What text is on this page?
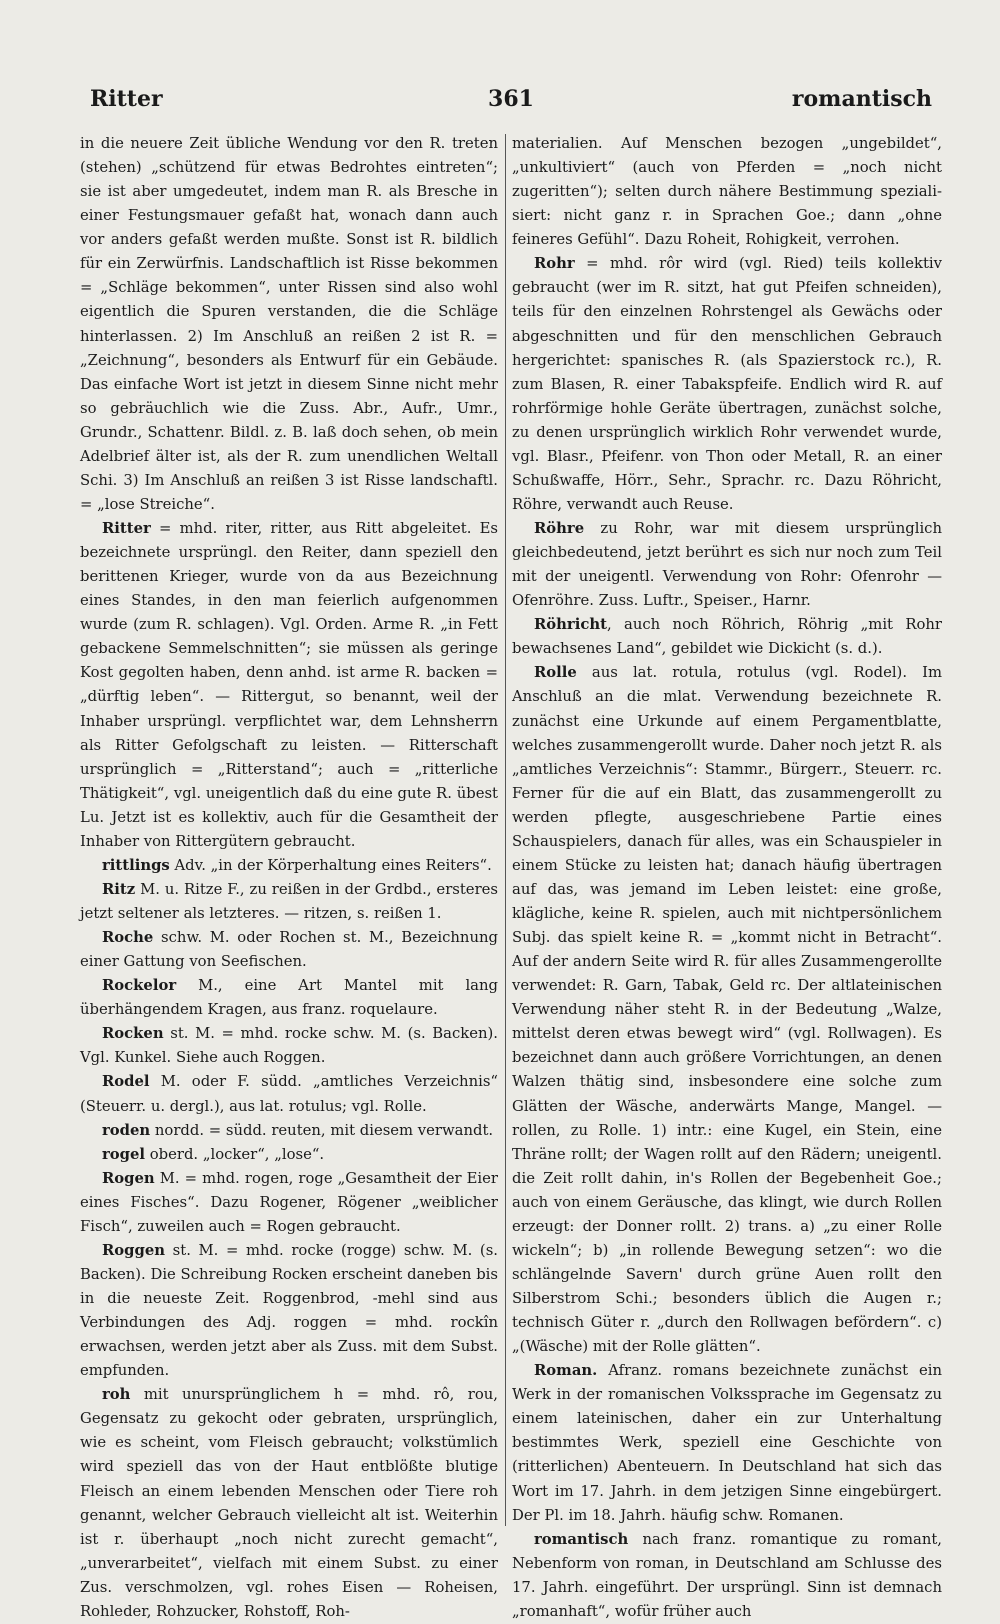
Ritter	361	romantisch

in die neuere Zeit übliche Wendung vor den R. treten (stehen) „schützend für etwas Bedrohtes eintreten“; sie ist aber umgedeutet, indem man R. als Bresche in einer Festungsmauer gefaßt hat, wonach dann auch vor anders gefaßt werden mußte. Sonst ist R. bildlich für ein Zerwürfnis. Landschaftlich ist Risse bekommen = „Schläge bekommen“, unter Rissen sind also wohl eigentlich die Spuren verstanden, die die Schläge hinterlassen. 2) Im Anschluß an reißen 2 ist R. = „Zeichnung“, besonders als Entwurf für ein Gebäude. Das einfache Wort ist jetzt in diesem Sinne nicht mehr so gebräuchlich wie die Zuss. Abr., Aufr., Umr., Grundr., Schattenr. Bildl. z. B. laß doch sehen, ob mein Adelbrief älter ist, als der R. zum unendlichen Weltall Schi. 3) Im Anschluß an reißen 3 ist Risse landschaftl. = „lose Streiche“.

Ritter = mhd. riter, ritter, aus Ritt abgeleitet. Es bezeichnete ursprüngl. den Reiter, dann speziell den berittenen Krieger, wurde von da aus Bezeichnung eines Standes, in den man feierlich aufgenommen wurde (zum R. schlagen). Vgl. Orden. Arme R. „in Fett gebackene Semmelschnitten“; sie müssen als geringe Kost gegolten haben, denn anhd. ist arme R. backen = „dürftig leben“. — Rittergut, so benannt, weil der Inhaber ursprüngl. verpflichtet war, dem Lehnsherrn als Ritter Gefolgschaft zu leisten. — Ritterschaft ursprünglich = „Ritterstand“; auch = „ritterliche Thätigkeit“, vgl. uneigentlich daß du eine gute R. übest Lu. Jetzt ist es kollektiv, auch für die Gesamtheit der Inhaber von Rittergütern gebraucht.

rittlings Adv. „in der Körperhaltung eines Reiters“.

Ritz M. u. Ritze F., zu reißen in der Grdbd., ersteres jetzt seltener als letzteres. — ritzen, s. reißen 1.

Roche schw. M. oder Rochen st. M., Bezeichnung einer Gattung von Seefischen.

Rockelor M., eine Art Mantel mit lang überhängendem Kragen, aus franz. roquelaure.

Rocken st. M. = mhd. rocke schw. M. (s. Backen). Vgl. Kunkel. Siehe auch Roggen.

Rodel M. oder F. südd. „amtliches Verzeichnis“ (Steuerr. u. dergl.), aus lat. rotulus; vgl. Rolle.

roden nordd. = südd. reuten, mit diesem verwandt.

rogel oberd. „locker“, „lose“.

Rogen M. = mhd. rogen, roge „Gesamtheit der Eier eines Fisches“. Dazu Rogener, Rögener „weiblicher Fisch“, zuweilen auch = Rogen gebraucht.

Roggen st. M. = mhd. rocke (rogge) schw. M. (s. Backen). Die Schreibung Rocken erscheint daneben bis in die neueste Zeit. Roggenbrod, -mehl sind aus Verbindungen des Adj. roggen = mhd. rockîn erwachsen, werden jetzt aber als Zuss. mit dem Subst. empfunden.

roh mit unursprünglichem h = mhd. rô, rou, Gegensatz zu gekocht oder gebraten, ursprünglich, wie es scheint, vom Fleisch gebraucht; volkstümlich wird speziell das von der Haut entblößte blutige Fleisch an einem lebenden Menschen oder Tiere roh genannt, welcher Gebrauch vielleicht alt ist. Weiterhin ist r. überhaupt „noch nicht zurecht gemacht“, „unverarbeitet“, vielfach mit einem Subst. zu einer Zus. verschmolzen, vgl. rohes Eisen — Roheisen, Rohleder, Rohzucker, Rohstoff, Roh-

materialien. Auf Menschen bezogen „ungebildet“, „unkultiviert“ (auch von Pferden = „noch nicht zugeritten“); selten durch nähere Bestimmung speziali-siert: nicht ganz r. in Sprachen Goe.; dann „ohne feineres Gefühl“. Dazu Roheit, Rohigkeit, verrohen.

Rohr = mhd. rôr wird (vgl. Ried) teils kollektiv gebraucht (wer im R. sitzt, hat gut Pfeifen schneiden), teils für den einzelnen Rohrstengel als Gewächs oder abgeschnitten und für den menschlichen Gebrauch hergerichtet: spanisches R. (als Spazierstock rc.), R. zum Blasen, R. einer Tabakspfeife. Endlich wird R. auf rohrförmige hohle Geräte übertragen, zunächst solche, zu denen ursprünglich wirklich Rohr verwendet wurde, vgl. Blasr., Pfeifenr. von Thon oder Metall, R. an einer Schußwaffe, Hörr., Sehr., Sprachr. rc. Dazu Röhricht, Röhre, verwandt auch Reuse.

Röhre zu Rohr, war mit diesem ursprünglich gleichbedeutend, jetzt berührt es sich nur noch zum Teil mit der uneigentl. Verwendung von Rohr: Ofenrohr — Ofenröhre. Zuss. Luftr., Speiser., Harnr.

Röhricht, auch noch Röhrich, Röhrig „mit Rohr bewachsenes Land“, gebildet wie Dickicht (s. d.).

Rolle aus lat. rotula, rotulus (vgl. Rodel). Im Anschluß an die mlat. Verwendung bezeichnete R. zunächst eine Urkunde auf einem Pergamentblatte, welches zusammengerollt wurde. Daher noch jetzt R. als „amtliches Verzeichnis“: Stammr., Bürgerr., Steuerr. rc. Ferner für die auf ein Blatt, das zusammengerollt zu werden pflegte, ausgeschriebene Partie eines Schauspielers, danach für alles, was ein Schauspieler in einem Stücke zu leisten hat; danach häufig übertragen auf das, was jemand im Leben leistet: eine große, klägliche, keine R. spielen, auch mit nichtpersönlichem Subj. das spielt keine R. = „kommt nicht in Betracht“. Auf der andern Seite wird R. für alles Zusammengerollte verwendet: R. Garn, Tabak, Geld rc. Der altlateinischen Verwendung näher steht R. in der Bedeutung „Walze, mittelst deren etwas bewegt wird“ (vgl. Rollwagen). Es bezeichnet dann auch größere Vorrichtungen, an denen Walzen thätig sind, insbesondere eine solche zum Glätten der Wäsche, anderwärts Mange, Mangel. — rollen, zu Rolle. 1) intr.: eine Kugel, ein Stein, eine Thräne rollt; der Wagen rollt auf den Rädern; uneigentl. die Zeit rollt dahin, in's Rollen der Begebenheit Goe.; auch von einem Geräusche, das klingt, wie durch Rollen erzeugt: der Donner rollt. 2) trans. a) „zu einer Rolle wickeln“; b) „in rollende Bewegung setzen“: wo die schlängelnde Savern' durch grüne Auen rollt den Silberstrom Schi.; besonders üblich die Augen r.; technisch Güter r. „durch den Rollwagen befördern“. c) „(Wäsche) mit der Rolle glätten“.

Roman. Afranz. romans bezeichnete zunächst ein Werk in der romanischen Volkssprache im Gegensatz zu einem lateinischen, daher ein zur Unterhaltung bestimmtes Werk, speziell eine Geschichte von (ritterlichen) Abenteuern. In Deutschland hat sich das Wort im 17. Jahrh. in dem jetzigen Sinne eingebürgert. Der Pl. im 18. Jahrh. häufig schw. Romanen.

romantisch nach franz. romantique zu romant, Nebenform von roman, in Deutschland am Schlusse des 17. Jahrh. eingeführt. Der ursprüngl. Sinn ist demnach „romanhaft“, wofür früher auch
